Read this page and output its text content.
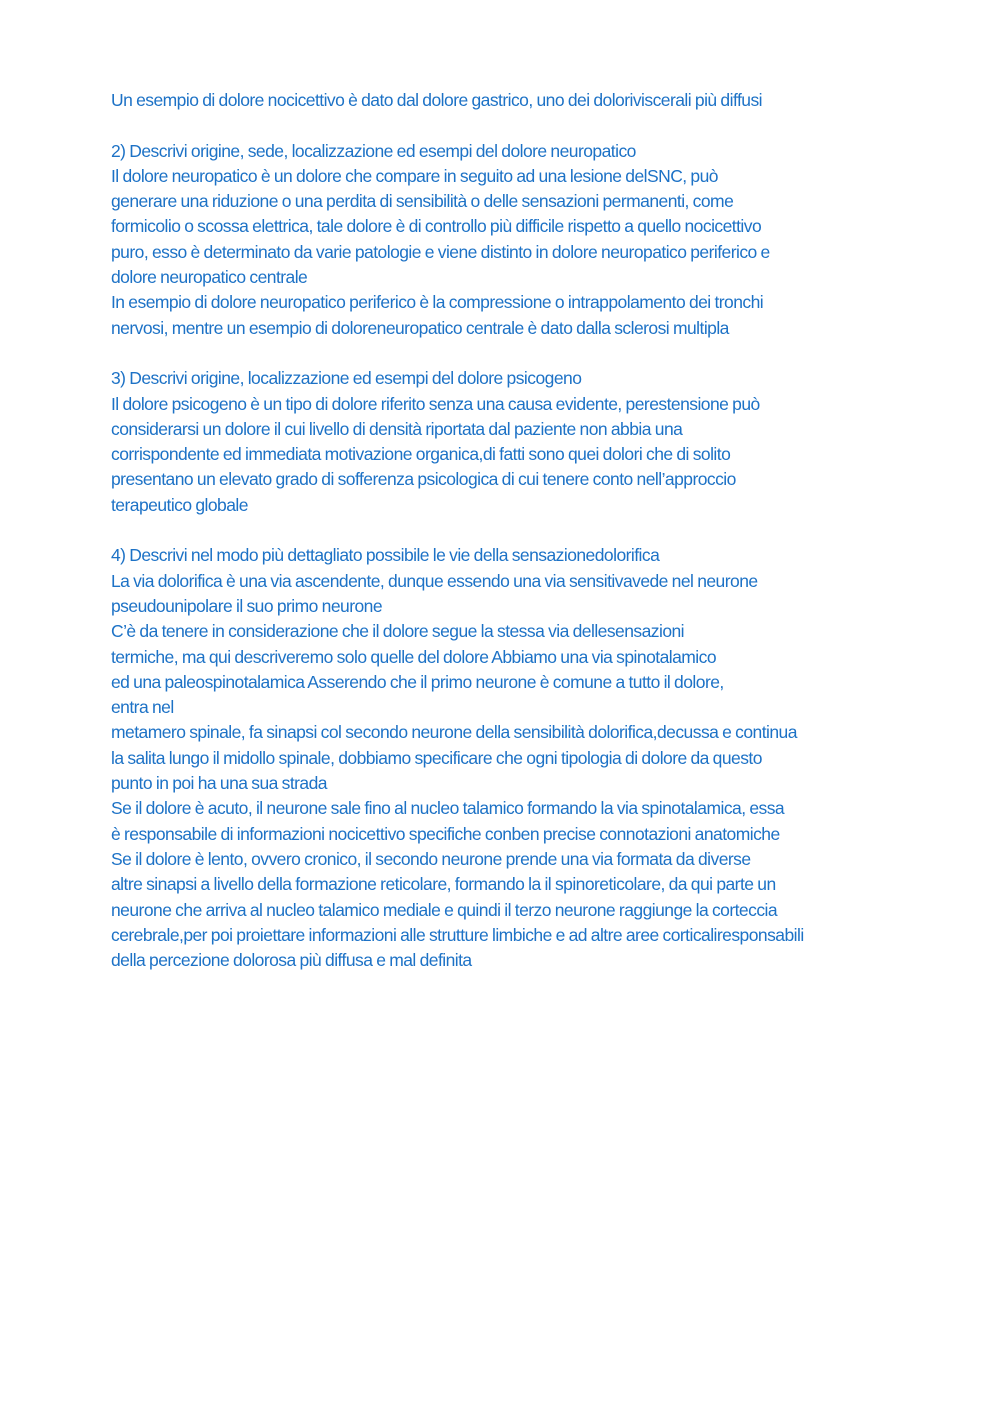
Un esempio di dolore nocicettivo è dato dal dolore gastrico, uno dei doloriviscerali più diffusi
2) Descrivi origine, sede, localizzazione ed esempi del dolore neuropatico
Il dolore neuropatico è un dolore che compare in seguito ad una lesione delSNC, può
generare una riduzione o una perdita di sensibilità o delle sensazioni permanenti, come
formicolio o scossa elettrica, tale dolore è di controllo più difficile rispetto a quello nocicettivo
puro, esso è determinato da varie patologie e viene distinto in dolore neuropatico periferico e
dolore neuropatico centrale
In esempio di dolore neuropatico periferico è la compressione o intrappolamento dei tronchi
nervosi, mentre un esempio di doloreneuropatico centrale è dato dalla sclerosi multipla
3) Descrivi origine, localizzazione ed esempi del dolore psicogeno
Il dolore psicogeno è un tipo di dolore riferito senza una causa evidente, perestensione può
considerarsi un dolore il cui livello di densità riportata dal paziente non abbia una
corrispondente ed immediata motivazione organica,di fatti sono quei dolori che di solito
presentano un elevato grado di sofferenza psicologica di cui tenere conto nell’approccio
terapeutico globale
4) Descrivi nel modo più dettagliato possibile le vie della sensazionedolorifica
La via dolorifica è una via ascendente, dunque essendo una via sensitivavede nel neurone
pseudounipolare il suo primo neurone
C’è da tenere in considerazione che il dolore segue la stessa via dellesensazioni
termiche, ma qui descriveremo solo quelle del dolore Abbiamo una via spinotalamico
ed una paleospinotalamica Asserendo che il primo neurone è comune a tutto il dolore,
entra nel
metamero spinale, fa sinapsi col secondo neurone della sensibilità dolorifica,decussa e continua
la salita lungo il midollo spinale, dobbiamo specificare che ogni tipologia di dolore da questo
punto in poi ha una sua strada
Se il dolore è acuto, il neurone sale fino al nucleo talamico formando la via spinotalamica, essa
è responsabile di informazioni nocicettivo specifiche conben precise connotazioni anatomiche
Se il dolore è lento, ovvero cronico, il secondo neurone prende una via formata da diverse
altre sinapsi a livello della formazione reticolare, formando la il spinoreticolare, da qui parte un
neurone che arriva al nucleo talamico mediale e quindi il terzo neurone raggiunge la corteccia
cerebrale,per poi proiettare informazioni alle strutture limbiche e ad altre aree corticaliresponsabili
della percezione dolorosa più diffusa e mal definita
